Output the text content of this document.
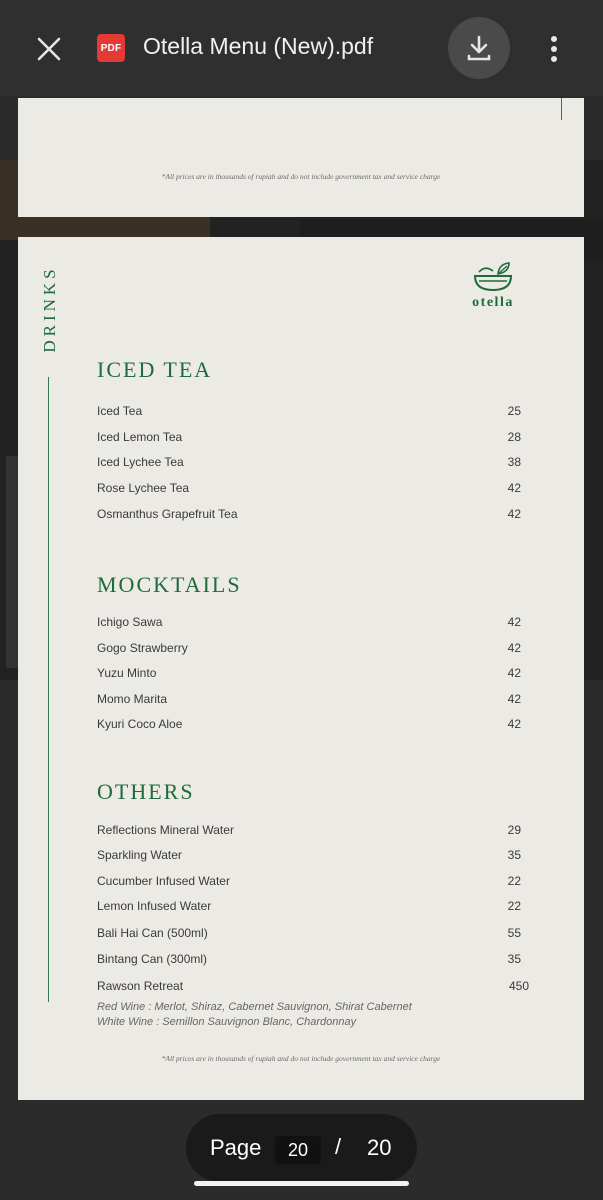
PDF Otella Menu (New).pdf
*All prices are in thousands of rupiah and do not include government tax and service charge
DRINKS	otella
ICED TEA
Iced Tea	25
Iced Lemon Tea	28
Iced Lychee Tea	38
Rose Lychee Tea	42
Osmanthus Grapefruit Tea	42
MOCKTAILS
Ichigo Sawa	42
Gogo Strawberry	42
Yuzu Minto	42
Momo Marita	42
Kyuri Coco Aloe	42
OTHERS
Reflections Mineral Water	29
Sparkling Water	35
Cucumber Infused Water	22
Lemon Infused Water	22
Bali Hai Can (500ml)	55
Bintang Can (300ml)	35
Rawson Retreat	450
Red Wine : Merlot, Shiraz, Cabernet Sauvignon, Shirat Cabernet
White Wine : Semillon Sauvignon Blanc, Chardonnay
*All prices are in thousands of rupiah and do not include government tax and service charge
Page	20	/ 20
